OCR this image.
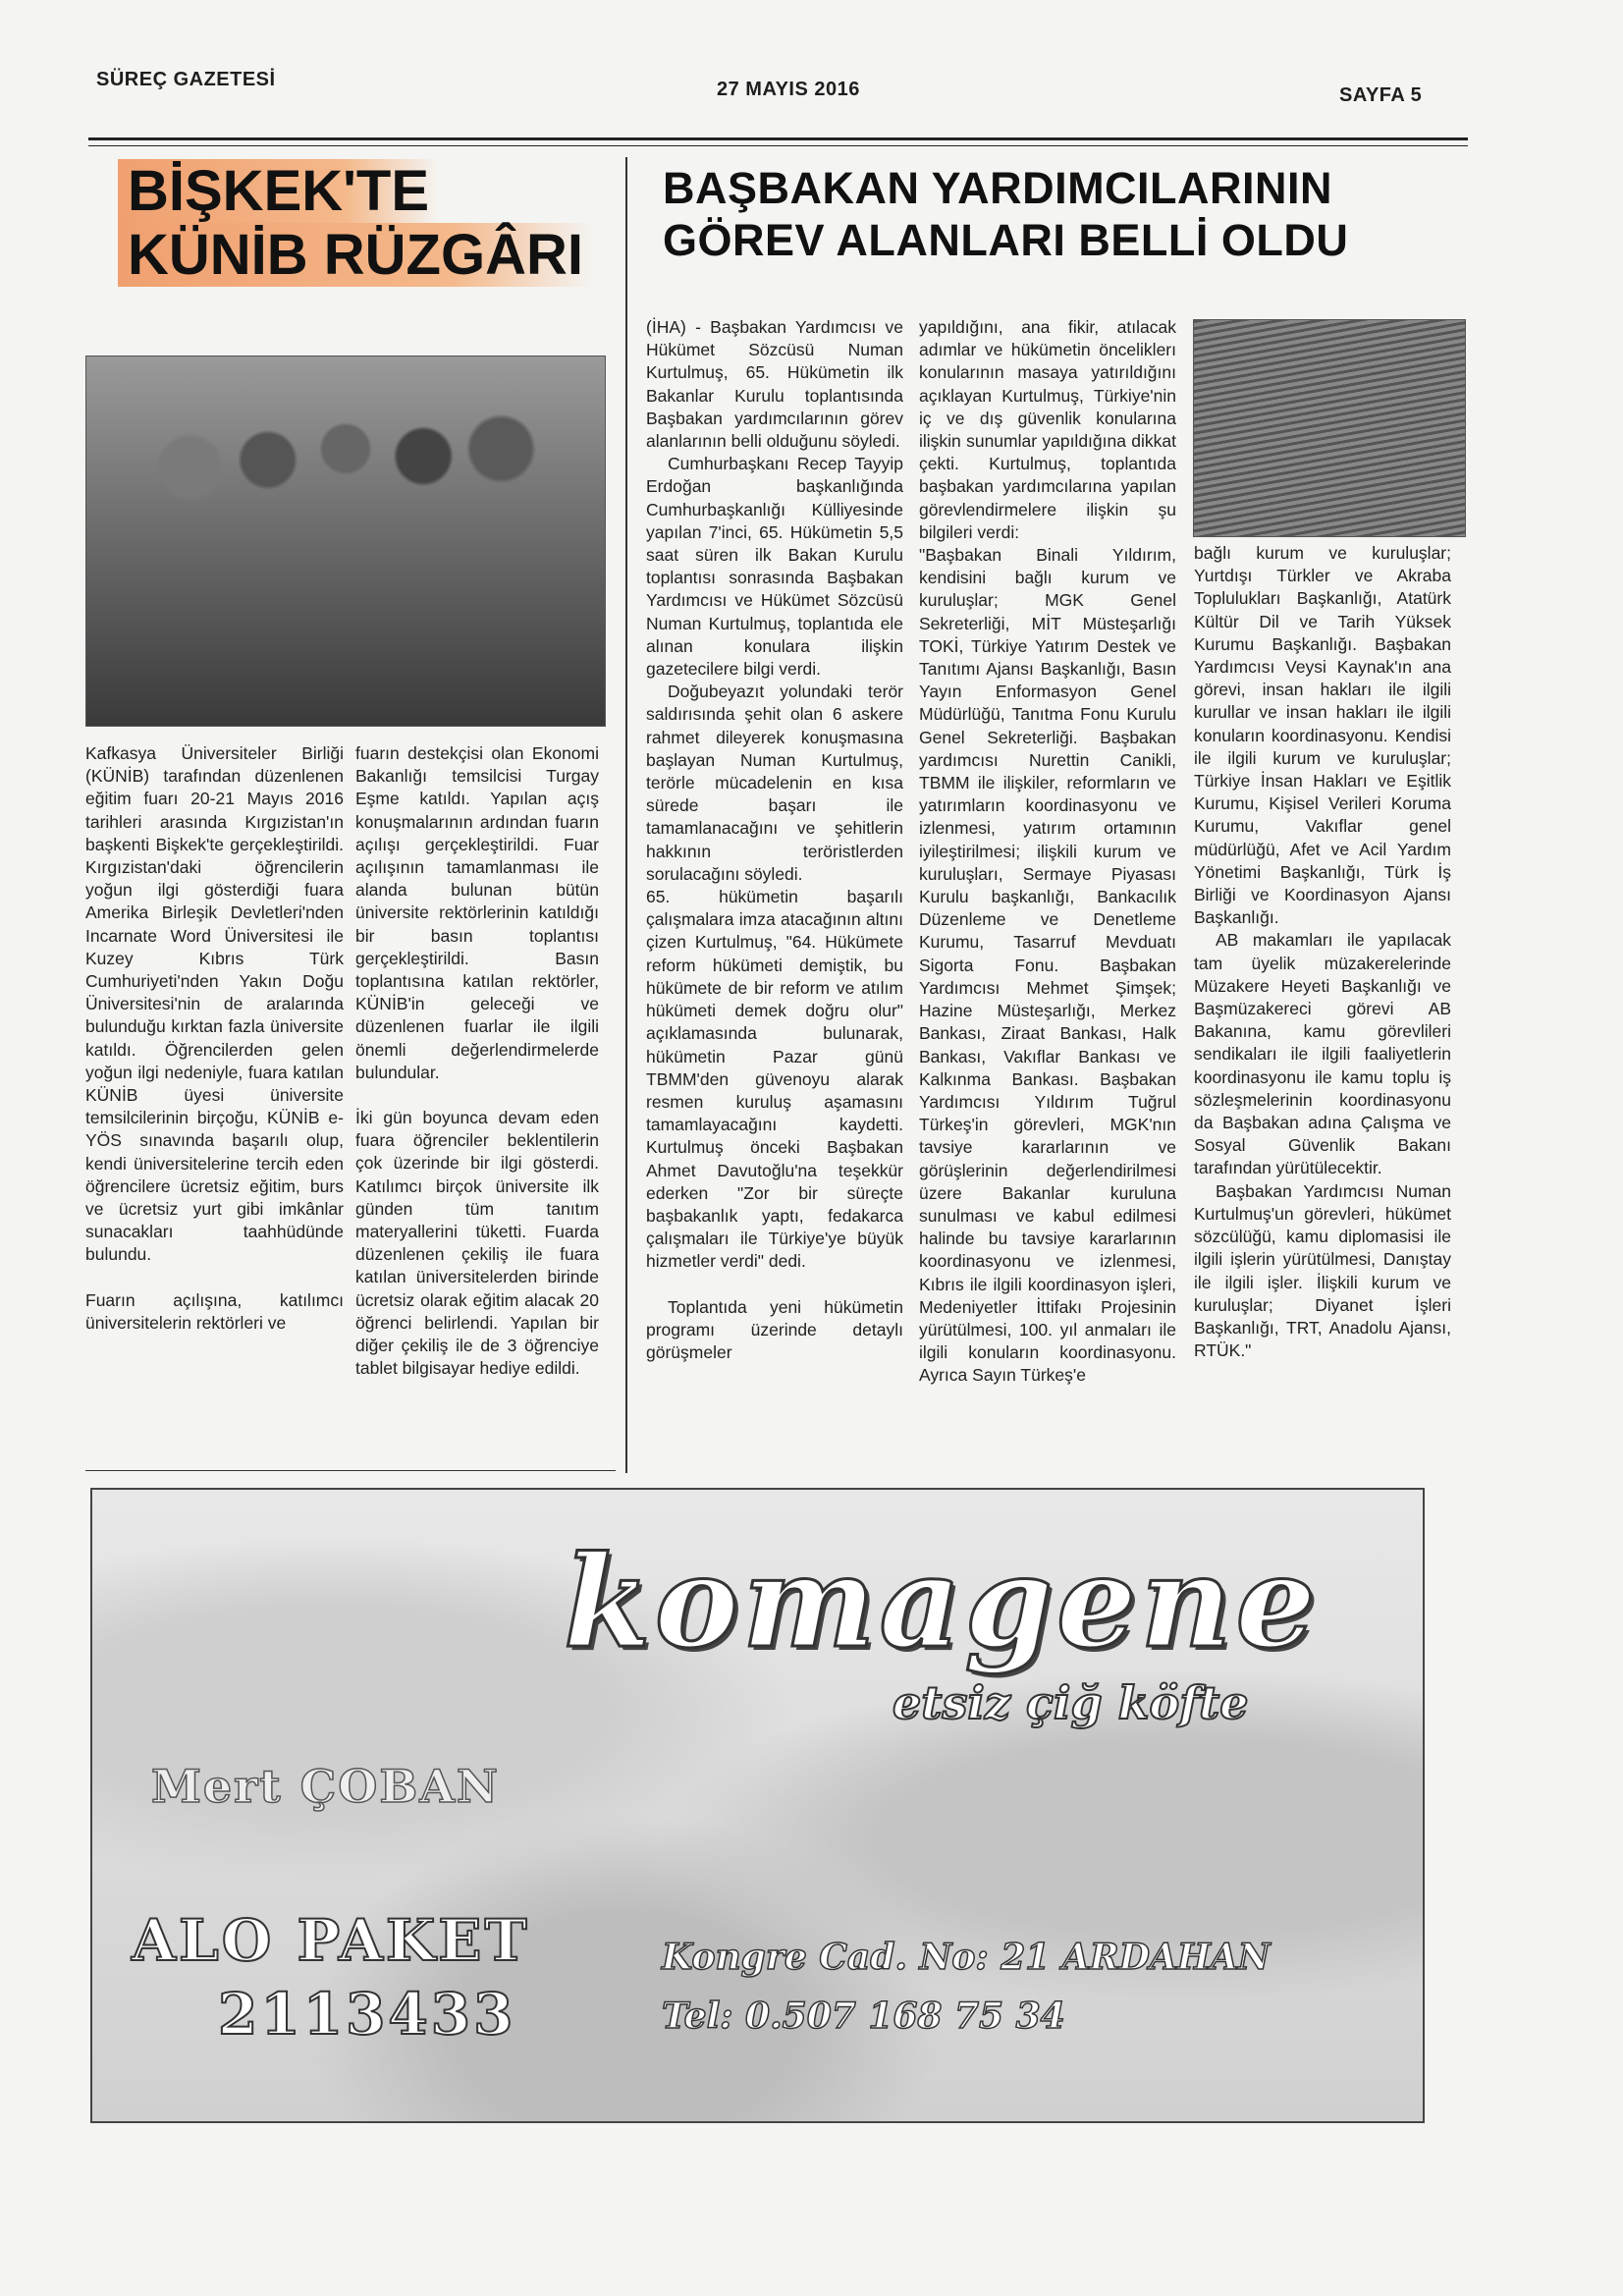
SÜREÇ GAZETESİ	27 MAYIS 2016	SAYFA 5
BİŞKEK'TE
KÜNİB RÜZGÂRI

Kafkasya Üniversiteler Birliği (KÜNİB) tarafından düzenlenen eğitim fuarı 20-21 Mayıs 2016 tarihleri arasında Kırgızistan'ın başkenti Bişkek'te gerçekleştirildi. Kırgızistan'daki öğrencilerin yoğun ilgi gösterdiği fuara Amerika Birleşik Devletleri'nden Incarnate Word Üniversitesi ile Kuzey Kıbrıs Türk Cumhuriyeti'nden Yakın Doğu Üniversitesi'nin de aralarında bulunduğu kırktan fazla üniversite katıldı. Öğrencilerden gelen yoğun ilgi nedeniyle, fuara katılan KÜNİB üyesi üniversite temsilcilerinin birçoğu, KÜNİB e-YÖS sınavında başarılı olup, kendi üniversitelerine tercih eden öğrencilere ücretsiz eğitim, burs ve ücretsiz yurt gibi imkânlar sunacakları taahhüdünde bulundu.

Fuarın açılışına, katılımcı üniversitelerin rektörleri ve

fuarın destekçisi olan Ekonomi Bakanlığı temsilcisi Turgay Eşme katıldı. Yapılan açış konuşmalarının ardından fuarın açılışı gerçekleştirildi. Fuar açılışının tamamlanması ile alanda bulunan bütün üniversite rektörlerinin katıldığı bir basın toplantısı gerçekleştirildi. Basın toplantısına katılan rektörler, KÜNİB'in geleceği ve düzenlenen fuarlar ile ilgili önemli değerlendirmelerde bulundular.

İki gün boyunca devam eden fuara öğrenciler beklentilerin çok üzerinde bir ilgi gösterdi. Katılımcı birçok üniversite ilk günden tüm tanıtım materyallerini tüketti. Fuarda düzenlenen çekiliş ile fuara katılan üniversitelerden birinde ücretsiz olarak eğitim alacak 20 öğrenci belirlendi. Yapılan bir diğer çekiliş ile de 3 öğrenciye tablet bilgisayar hediye edildi.

BAŞBAKAN YARDIMCILARININ
GÖREV ALANLARI BELLİ OLDU

(İHA) - Başbakan Yardımcısı ve Hükümet Sözcüsü Numan Kurtulmuş, 65. Hükümetin ilk Bakanlar Kurulu toplantısında Başbakan yardımcılarının görev alanlarının belli olduğunu söyledi.

Cumhurbaşkanı Recep Tayyip Erdoğan başkanlığında Cumhurbaşkanlığı Külliyesinde yapılan 7'inci, 65. Hükümetin 5,5 saat süren ilk Bakan Kurulu toplantısı sonrasında Başbakan Yardımcısı ve Hükümet Sözcüsü Numan Kurtulmuş, toplantıda ele alınan konulara ilişkin gazetecilere bilgi verdi.

Doğubeyazıt yolundaki terör saldırısında şehit olan 6 askere rahmet dileyerek konuşmasına başlayan Numan Kurtulmuş, terörle mücadelenin en kısa sürede başarı ile tamamlanacağını ve şehitlerin hakkının teröristlerden sorulacağını söyledi.

65. hükümetin başarılı çalışmalara imza atacağının altını çizen Kurtulmuş, "64. Hükümete reform hükümeti demiştik, bu hükümete de bir reform ve atılım hükümeti demek doğru olur" açıklamasında bulunarak, hükümetin Pazar günü TBMM'den güvenoyu alarak resmen kuruluş aşamasını tamamlayacağını kaydetti. Kurtulmuş önceki Başbakan Ahmet Davutoğlu'na teşekkür ederken "Zor bir süreçte başbakanlık yaptı, fedakarca çalışmaları ile Türkiye'ye büyük hizmetler verdi" dedi.

Toplantıda yeni hükümetin programı üzerinde detaylı görüşmeler

yapıldığını, ana fikir, atılacak adımlar ve hükümetin önceliklerı konularının masaya yatırıldığını açıklayan Kurtulmuş, Türkiye'nin iç ve dış güvenlik konularına ilişkin sunumlar yapıldığına dikkat çekti. Kurtulmuş, toplantıda başbakan yardımcılarına yapılan görevlendirmelere ilişkin şu bilgileri verdi:

"Başbakan Binali Yıldırım, kendisini bağlı kurum ve kuruluşlar; MGK Genel Sekreterliği, MİT Müsteşarlığı TOKİ, Türkiye Yatırım Destek ve Tanıtımı Ajansı Başkanlığı, Basın Yayın Enformasyon Genel Müdürlüğü, Tanıtma Fonu Kurulu Genel Sekreterliği. Başbakan yardımcısı Nurettin Canikli, TBMM ile ilişkiler, reformların ve yatırımların koordinasyonu ve izlenmesi, yatırım ortamının iyileştirilmesi; ilişkili kurum ve kuruluşları, Sermaye Piyasası Kurulu başkanlığı, Bankacılık Düzenleme ve Denetleme Kurumu, Tasarruf Mevduatı Sigorta Fonu. Başbakan Yardımcısı Mehmet Şimşek; Hazine Müsteşarlığı, Merkez Bankası, Ziraat Bankası, Halk Bankası, Vakıflar Bankası ve Kalkınma Bankası. Başbakan Yardımcısı Yıldırım Tuğrul Türkeş'in görevleri, MGK'nın tavsiye kararlarının ve görüşlerinin değerlendirilmesi üzere Bakanlar kuruluna sunulması ve kabul edilmesi halinde bu tavsiye kararlarının koordinasyonu ve izlenmesi, Kıbrıs ile ilgili koordinasyon işleri, Medeniyetler İttifakı Projesinin yürütülmesi, 100. yıl anmaları ile ilgili konuların koordinasyonu. Ayrıca Sayın Türkeş'e

bağlı kurum ve kuruluşlar; Yurtdışı Türkler ve Akraba Toplulukları Başkanlığı, Atatürk Kültür Dil ve Tarih Yüksek Kurumu Başkanlığı. Başbakan Yardımcısı Veysi Kaynak'ın ana görevi, insan hakları ile ilgili kurullar ve insan hakları ile ilgili konuların koordinasyonu. Kendisi ile ilgili kurum ve kuruluşlar; Türkiye İnsan Hakları ve Eşitlik Kurumu, Kişisel Verileri Koruma Kurumu, Vakıflar genel müdürlüğü, Afet ve Acil Yardım Yönetimi Başkanlığı, Türk İş Birliği ve Koordinasyon Ajansı Başkanlığı.

AB makamları ile yapılacak tam üyelik müzakerelerinde Müzakere Heyeti Başkanlığı ve Başmüzakereci görevi AB Bakanına, kamu görevlileri sendikaları ile ilgili faaliyetlerin koordinasyonu ile kamu toplu iş sözleşmelerinin koordinasyonu da Başbakan adına Çalışma ve Sosyal Güvenlik Bakanı tarafından yürütülecektir.

Başbakan Yardımcısı Numan Kurtulmuş'un görevleri, hükümet sözcülüğü, kamu diplomasisi ile ilgili işlerin yürütülmesi, Danıştay ile ilgili işler. İlişkili kurum ve kuruluşlar; Diyanet İşleri Başkanlığı, TRT, Anadolu Ajansı, RTÜK."

komagene
etsiz çiğ köfte
Mert ÇOBAN
ALO PAKET
2113433
Kongre Cad. No: 21 ARDAHAN
Tel: 0.507 168 75 34
